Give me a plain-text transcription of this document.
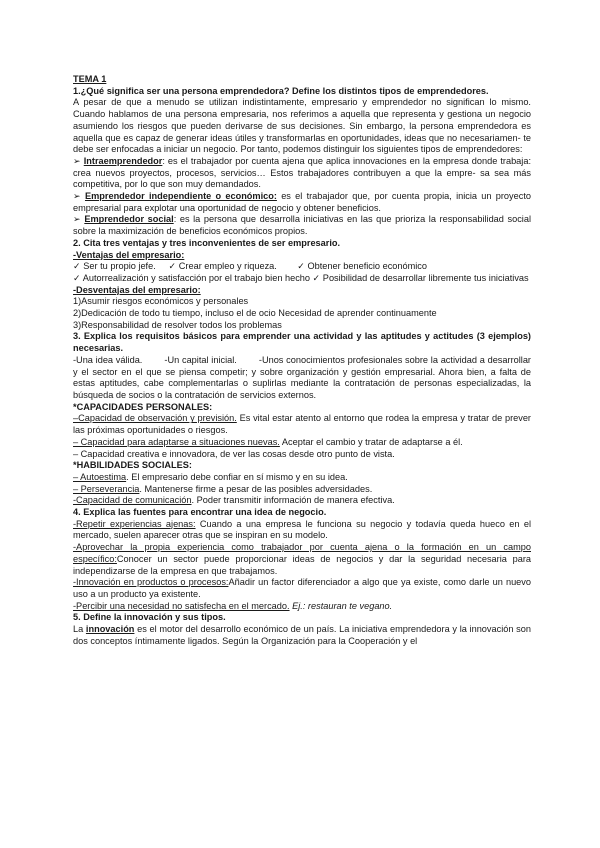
TEMA 1

1.¿Qué significa ser una persona emprendedora? Define los distintos tipos de emprendedores.

A pesar de que a menudo se utilizan indistintamente, empresario y emprendedor no significan lo mismo. Cuando hablamos de una persona empresaria, nos referimos a aquella que representa y gestiona un negocio asumiendo los riesgos que pueden derivarse de sus decisiones. Sin embargo, la persona emprendedora es aquella que es capaz de generar ideas útiles y transformarlas en oportunidades, ideas que no necesariamen- te debe ser enfocadas a iniciar un negocio. Por tanto, podemos distinguir los siguientes tipos de emprendedores:

➢ Intraemprendedor: es el trabajador por cuenta ajena que aplica innovaciones en la empresa donde trabaja: crea nuevos proyectos, procesos, servicios… Estos trabajadores contribuyen a que la empre- sa sea más competitiva, por lo que son muy demandados.

➢ Emprendedor independiente o económico: es el trabajador que, por cuenta propia, inicia un proyecto empresarial para explotar una oportunidad de negocio y obtener beneficios.

➢ Emprendedor social: es la persona que desarrolla iniciativas en las que prioriza la responsabilidad social sobre la maximización de beneficios económicos propios.

2. Cita tres ventajas y tres inconvenientes de ser empresario.

-Ventajas del empresario:

✓ Ser tu propio jefe.     ✓ Crear empleo y riqueza.        ✓ Obtener beneficio económico

✓ Autorrealización y satisfacción por el trabajo bien hecho ✓ Posibilidad de desarrollar libremente tus iniciativas

-Desventajas del empresario:

1)Asumir riesgos económicos y personales

2)Dedicación de todo tu tiempo, incluso el de ocio Necesidad de aprender continuamente

3)Responsabilidad de resolver todos los problemas

3. Explica los requisitos básicos para emprender una actividad y las aptitudes y actitudes (3 ejemplos) necesarias.

-Una idea válida.        -Un capital inicial.        -Unos conocimientos profesionales sobre la actividad a desarrollar y el sector en el que se piensa competir; y sobre organización y gestión empresarial. Ahora bien, a falta de estas aptitudes, cabe complementarlas o suplirlas mediante la contratación de personas especializadas, la búsqueda de socios o la contratación de servicios externos.

*CAPACIDADES PERSONALES:

–Capacidad de observación y previsión. Es vital estar atento al entorno que rodea la empresa y tratar de prever las próximas oportunidades o riesgos.

– Capacidad para adaptarse a situaciones nuevas. Aceptar el cambio y tratar de adaptarse a él.

– Capacidad creativa e innovadora, de ver las cosas desde otro punto de vista.

*HABILIDADES SOCIALES:

– Autoestima. El empresario debe confiar en sí mismo y en su idea.

– Perseverancia. Mantenerse firme a pesar de las posibles adversidades.

-Capacidad de comunicación. Poder transmitir información de manera efectiva.

4. Explica las fuentes para encontrar una idea de negocio.

-Repetir experiencias ajenas: Cuando a una empresa le funciona su negocio y todavía queda hueco en el mercado, suelen aparecer otras que se inspiran en su modelo.

-Aprovechar la propia experiencia como trabajador por cuenta ajena o la formación en un campo específico:Conocer un sector puede proporcionar ideas de negocios y dar la seguridad necesaria para independizarse de la empresa en que trabajamos.

-Innovación en productos o procesos:Añadir un factor diferenciador a algo que ya existe, como darle un nuevo uso a un producto ya existente.

-Percibir una necesidad no satisfecha en el mercado. Ej.: restauran te vegano.

5. Define la innovación y sus tipos.

La innovación es el motor del desarrollo económico de un país. La iniciativa emprendedora y la innovación son dos conceptos íntimamente ligados. Según la Organización para la Cooperación y el
